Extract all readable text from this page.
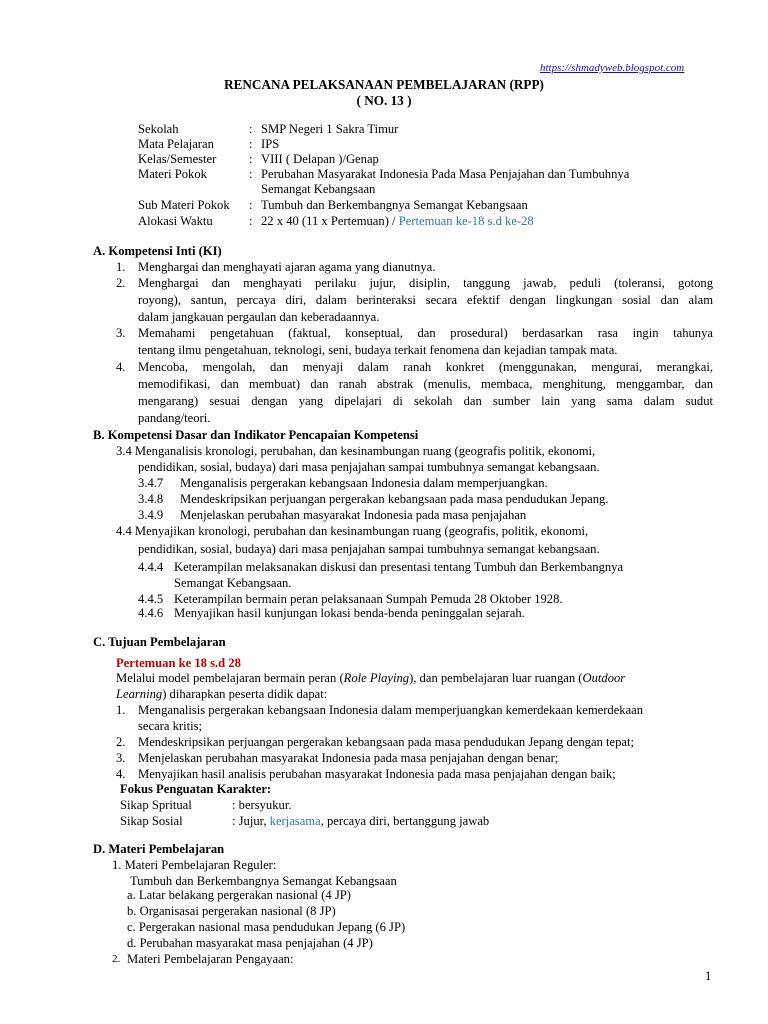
https://shmadyweb.blogspot.com
RENCANA PELAKSANAAN PEMBELAJARAN (RPP)
( NO. 13 )
Sekolah	: SMP Negeri 1 Sakra Timur
Mata Pelajaran	: IPS
Kelas/Semester	: VIII ( Delapan )/Genap
Materi Pokok	: Perubahan Masyarakat Indonesia Pada Masa Penjajahan dan Tumbuhnya
Semangat Kebangsaan
Sub Materi Pokok : Tumbuh dan Berkembangnya Semangat Kebangsaan
Alokasi Waktu	: 22 x 40 (11 x Pertemuan) / Pertemuan ke-18 s.d ke-28
A. Kompetensi Inti (KI)
1. Menghargai dan menghayati ajaran agama yang dianutnya.
2. Menghargai dan menghayati perilaku jujur, disiplin, tanggung jawab, peduli (toleransi, gotong
royong), santun, percaya diri, dalam berinteraksi secara efektif dengan lingkungan sosial dan alam
dalam jangkauan pergaulan dan keberadaannya.
3. Memahami pengetahuan (faktual, konseptual, dan prosedural) berdasarkan rasa ingin tahunya
tentang ilmu pengetahuan, teknologi, seni, budaya terkait fenomena dan kejadian tampak mata.
4. Mencoba, mengolah, dan menyaji dalam ranah konkret (menggunakan, mengurai, merangkai,
memodifikasi, dan membuat) dan ranah abstrak (menulis, membaca, menghitung, menggambar, dan
mengarang) sesuai dengan yang dipelajari di sekolah dan sumber lain yang sama dalam sudut
pandang/teori.
B. Kompetensi Dasar dan Indikator Pencapaian Kompetensi
3.4 Menganalisis kronologi, perubahan, dan kesinambungan ruang (geografis politik, ekonomi,
pendidikan, sosial, budaya) dari masa penjajahan sampai tumbuhnya semangat kebangsaan.
3.4.7 Menganalisis pergerakan kebangsaan Indonesia dalam memperjuangkan.
3.4.8 Mendeskripsikan perjuangan pergerakan kebangsaan pada masa pendudukan Jepang.
3.4.9 Menjelaskan perubahan masyarakat Indonesia pada masa penjajahan
4.4 Menyajikan kronologi, perubahan dan kesinambungan ruang (geografis, politik, ekonomi,
pendidikan, sosial, budaya) dari masa penjajahan sampai tumbuhnya semangat kebangsaan.
4.4.4 Keterampilan melaksanakan diskusi dan presentasi tentang Tumbuh dan Berkembangnya
Semangat Kebangsaan.
4.4.5 Keterampilan bermain peran pelaksanaan Sumpah Pemuda 28 Oktober 1928.
4.4.6 Menyajikan hasil kunjungan lokasi benda-benda peninggalan sejarah.
C. Tujuan Pembelajaran
Pertemuan ke 18 s.d 28
Melalui model pembelajaran bermain peran (Role Playing), dan pembelajaran luar ruangan (Outdoor
Learning) diharapkan peserta didik dapat:
1. Menganalisis pergerakan kebangsaan Indonesia dalam memperjuangkan kemerdekaan kemerdekaan
secara kritis;
2. Mendeskripsikan perjuangan pergerakan kebangsaan pada masa pendudukan Jepang dengan tepat;
3. Menjelaskan perubahan masyarakat Indonesia pada masa penjajahan dengan benar;
4. Menyajikan hasil analisis perubahan masyarakat Indonesia pada masa penjajahan dengan baik;
Fokus Penguatan Karakter:
Sikap Spritual	: bersyukur.
Sikap Sosial	: Jujur, kerjasama, percaya diri, bertanggung jawab
D. Materi Pembelajaran
1. Materi Pembelajaran Reguler:
Tumbuh dan Berkembangnya Semangat Kebangsaan
a. Latar belakang pergerakan nasional (4 JP)
b. Organisasai pergerakan nasional (8 JP)
c. Pergerakan nasional masa pendudukan Jepang (6 JP)
d. Perubahan masyarakat masa penjajahan (4 JP)
2. Materi Pembelajaran Pengayaan:
1
